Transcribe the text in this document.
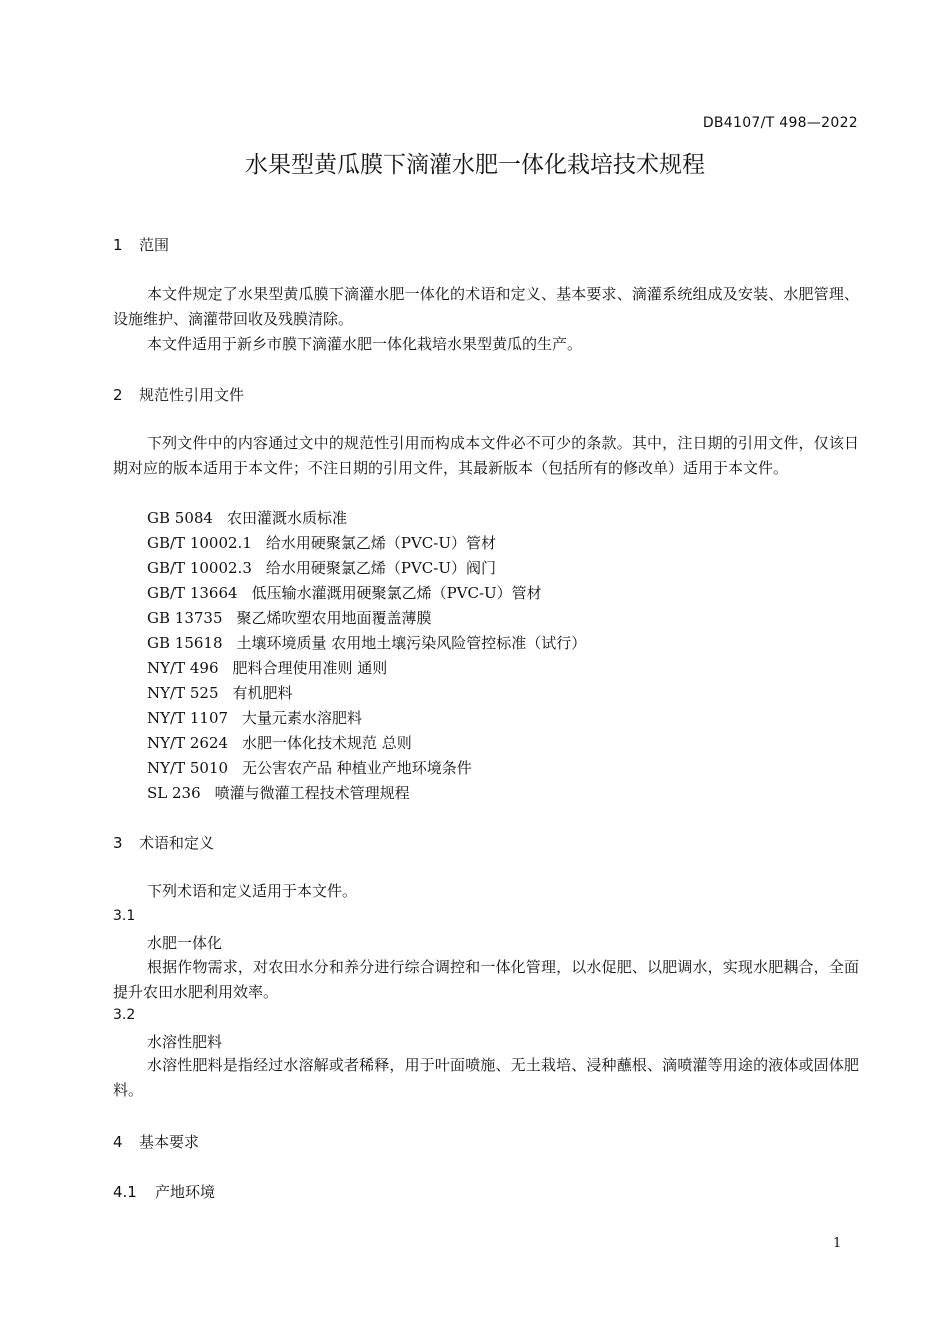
DB4107/T 498—2022
水果型黄瓜膜下滴灌水肥一体化栽培技术规程
1 范围
本文件规定了水果型黄瓜膜下滴灌水肥一体化的术语和定义、基本要求、滴灌系统组成及安装、水肥管理、设施维护、滴灌带回收及残膜清除。
本文件适用于新乡市膜下滴灌水肥一体化栽培水果型黄瓜的生产。
2 规范性引用文件
下列文件中的内容通过文中的规范性引用而构成本文件必不可少的条款。其中，注日期的引用文件，仅该日期对应的版本适用于本文件；不注日期的引用文件，其最新版本（包括所有的修改单）适用于本文件。
GB 5084 农田灌溉水质标准
GB/T 10002.1 给水用硬聚氯乙烯（PVC-U）管材
GB/T 10002.3 给水用硬聚氯乙烯（PVC-U）阀门
GB/T 13664 低压输水灌溉用硬聚氯乙烯（PVC-U）管材
GB 13735 聚乙烯吹塑农用地面覆盖薄膜
GB 15618 土壤环境质量 农用地土壤污染风险管控标准（试行）
NY/T 496 肥料合理使用准则 通则
NY/T 525 有机肥料
NY/T 1107 大量元素水溶肥料
NY/T 2624 水肥一体化技术规范 总则
NY/T 5010 无公害农产品 种植业产地环境条件
SL 236 喷灌与微灌工程技术管理规程
3 术语和定义
下列术语和定义适用于本文件。
3.1
水肥一体化
根据作物需求，对农田水分和养分进行综合调控和一体化管理，以水促肥、以肥调水，实现水肥耦合，全面提升农田水肥利用效率。
3.2
水溶性肥料
水溶性肥料是指经过水溶解或者稀释，用于叶面喷施、无土栽培、浸种蘸根、滴喷灌等用途的液体或固体肥料。
4 基本要求
4.1 产地环境
1
